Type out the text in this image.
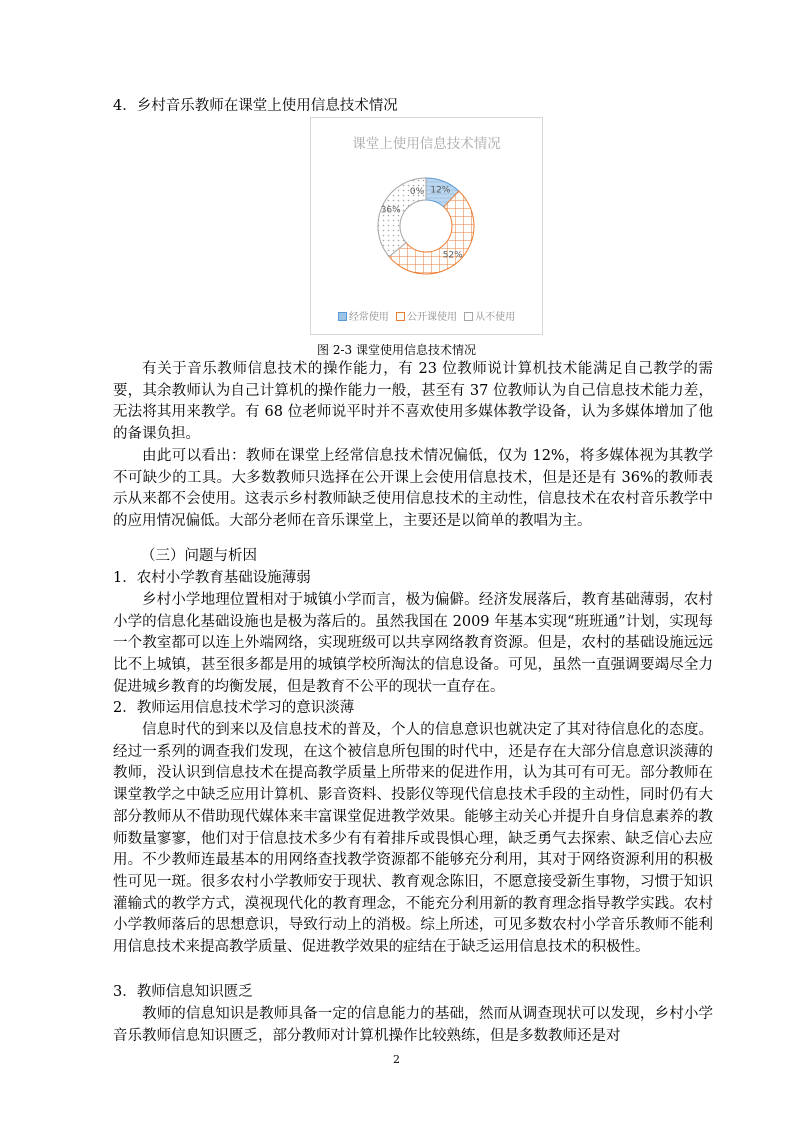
4．乡村音乐教师在课堂上使用信息技术情况
课堂上使用信息技术情况
12%
52%
36%
0%
经常使用 公开课使用 从不使用
图 2-3 课堂使用信息技术情况

有关于音乐教师信息技术的操作能力，有 23 位教师说计算机技术能满足自己教学的需要，其余教师认为自己计算机的操作能力一般，甚至有 37 位教师认为自己信息技术能力差，无法将其用来教学。有 68 位老师说平时并不喜欢使用多媒体教学设备，认为多媒体增加了他的备课负担。

由此可以看出：教师在课堂上经常信息技术情况偏低，仅为 12%，将多媒体视为其教学不可缺少的工具。大多数教师只选择在公开课上会使用信息技术，但是还是有 36%的教师表示从来都不会使用。这表示乡村教师缺乏使用信息技术的主动性，信息技术在农村音乐教学中的应用情况偏低。大部分老师在音乐课堂上，主要还是以简单的教唱为主。

（三）问题与析因
1．农村小学教育基础设施薄弱

乡村小学地理位置相对于城镇小学而言，极为偏僻。经济发展落后，教育基础薄弱，农村小学的信息化基础设施也是极为落后的。虽然我国在 2009 年基本实现“班班通”计划，实现每一个教室都可以连上外端网络，实现班级可以共享网络教育资源。但是，农村的基础设施远远比不上城镇，甚至很多都是用的城镇学校所淘汰的信息设备。可见，虽然一直强调要竭尽全力促进城乡教育的均衡发展，但是教育不公平的现状一直存在。

2．教师运用信息技术学习的意识淡薄

信息时代的到来以及信息技术的普及，个人的信息意识也就决定了其对待信息化的态度。经过一系列的调查我们发现，在这个被信息所包围的时代中，还是存在大部分信息意识淡薄的教师，没认识到信息技术在提高教学质量上所带来的促进作用，认为其可有可无。部分教师在课堂教学之中缺乏应用计算机、影音资料、投影仪等现代信息技术手段的主动性，同时仍有大部分教师从不借助现代媒体来丰富课堂促进教学效果。能够主动关心并提升自身信息素养的教师数量寥寥，他们对于信息技术多少有有着排斥或畏惧心理，缺乏勇气去探索、缺乏信心去应用。不少教师连最基本的用网络查找教学资源都不能够充分利用，其对于网络资源利用的积极性可见一斑。很多农村小学教师安于现状、教育观念陈旧，不愿意接受新生事物，习惯于知识灌输式的教学方式，漠视现代化的教育理念，不能充分利用新的教育理念指导教学实践。农村小学教师落后的思想意识，导致行动上的消极。综上所述，可见多数农村小学音乐教师不能利用信息技术来提高教学质量、促进教学效果的症结在于缺乏运用信息技术的积极性。

3．教师信息知识匮乏

教师的信息知识是教师具备一定的信息能力的基础，然而从调查现状可以发现，乡村小学音乐教师信息知识匮乏，部分教师对计算机操作比较熟练，但是多数教师还是对

2
